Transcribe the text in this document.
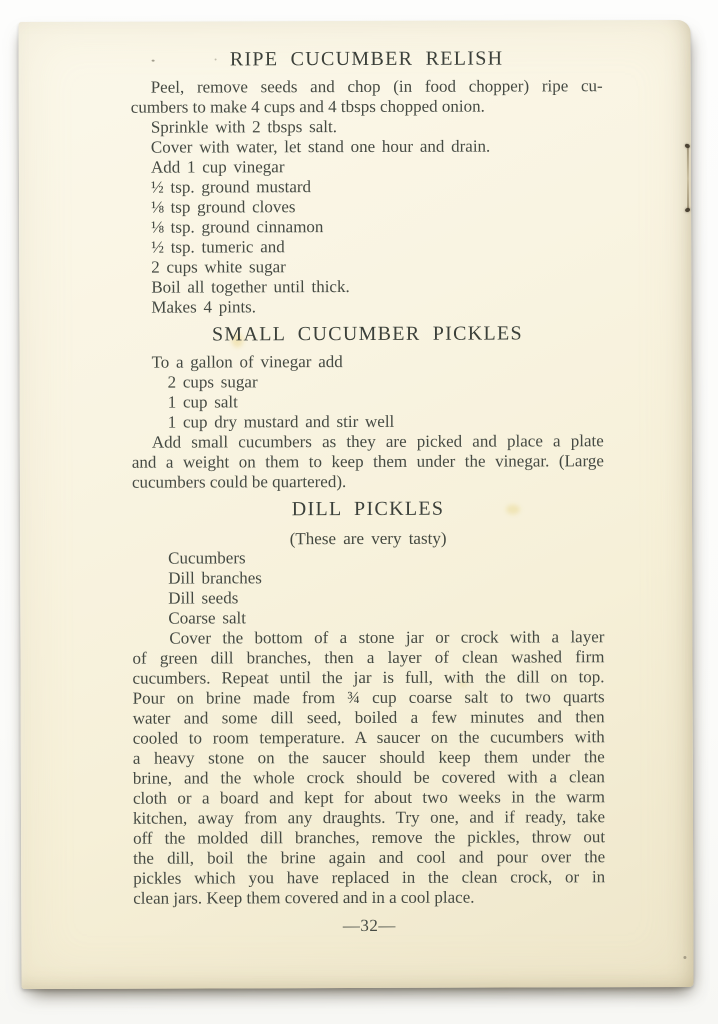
RIPE CUCUMBER RELISH
Peel, remove seeds and chop (in food chopper) ripe cu-
cumbers to make 4 cups and 4 tbsps chopped onion.
Sprinkle with 2 tbsps salt.
Cover with water, let stand one hour and drain.
Add 1 cup vinegar
½ tsp. ground mustard
⅛ tsp ground cloves
⅛ tsp. ground cinnamon
½ tsp. tumeric and
2 cups white sugar
Boil all together until thick.
Makes 4 pints.
SMALL CUCUMBER PICKLES
To a gallon of vinegar add
2 cups sugar
1 cup salt
1 cup dry mustard and stir well
Add small cucumbers as they are picked and place a plate
and a weight on them to keep them under the vinegar. (Large
cucumbers could be quartered).
DILL PICKLES
(These are very tasty)
Cucumbers
Dill branches
Dill seeds
Coarse salt
Cover the bottom of a stone jar or crock with a layer
of green dill branches, then a layer of clean washed firm
cucumbers. Repeat until the jar is full, with the dill on top.
Pour on brine made from ¾ cup coarse salt to two quarts
water and some dill seed, boiled a few minutes and then
cooled to room temperature. A saucer on the cucumbers with
a heavy stone on the saucer should keep them under the
brine, and the whole crock should be covered with a clean
cloth or a board and kept for about two weeks in the warm
kitchen, away from any draughts. Try one, and if ready, take
off the molded dill branches, remove the pickles, throw out
the dill, boil the brine again and cool and pour over the
pickles which you have replaced in the clean crock, or in
clean jars. Keep them covered and in a cool place.
—32—
